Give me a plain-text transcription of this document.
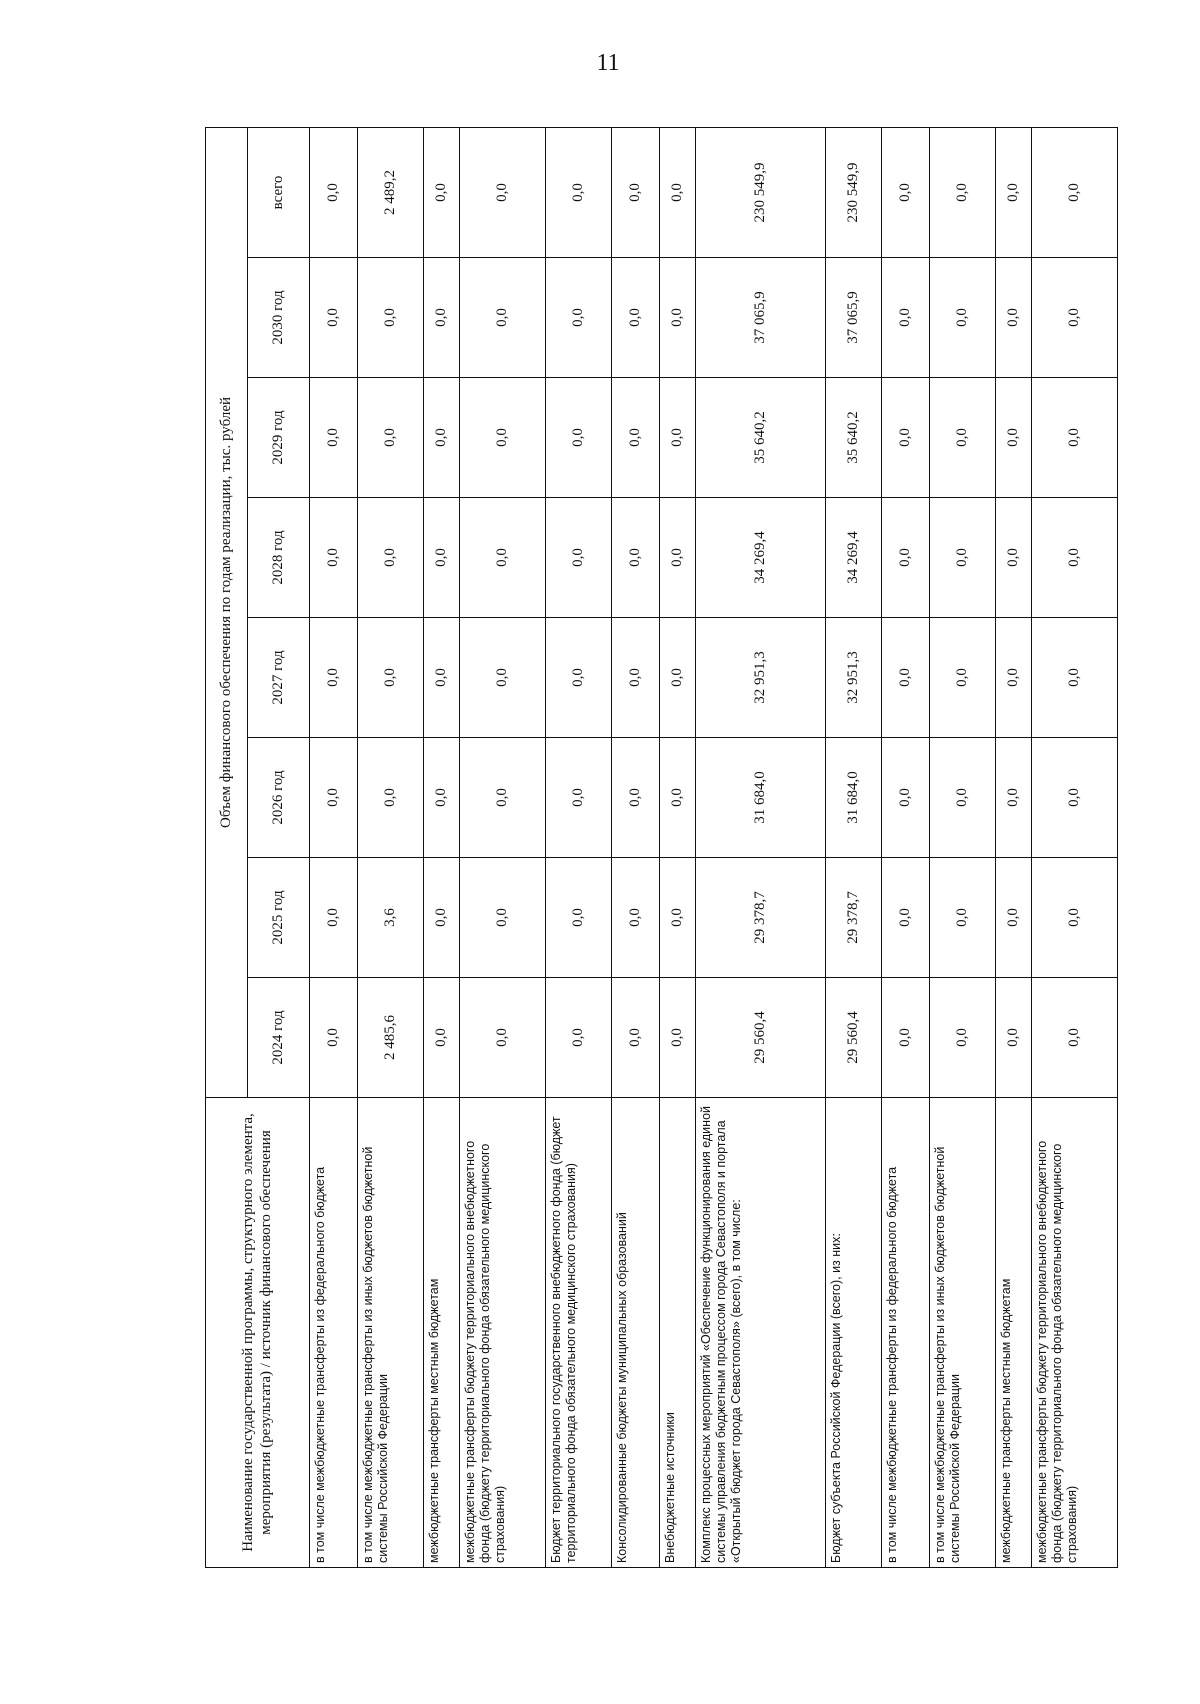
11
Наименование государственной программы, структурного элемента, мероприятия (результата) / источник финансового обеспечения	Объем финансового обеспечения по годам реализации, тыс. рублей							
	2024 год	2025 год	2026 год	2027 год	2028 год	2029 год	2030 год	всего
в том числе межбюджетные трансферты из федерального бюджета	0,0	0,0	0,0	0,0	0,0	0,0	0,0	0,0
в том числе межбюджетные трансферты из иных бюджетов бюджетной системы Российской Федерации	2 485,6	3,6	0,0	0,0	0,0	0,0	0,0	2 489,2
межбюджетные трансферты местным бюджетам	0,0	0,0	0,0	0,0	0,0	0,0	0,0	0,0
межбюджетные трансферты бюджету территориального внебюджетного фонда (бюджету территориального фонда обязательного медицинского страхования)	0,0	0,0	0,0	0,0	0,0	0,0	0,0	0,0
Бюджет территориального государственного внебюджетного фонда (бюджет территориального фонда обязательного медицинского страхования)	0,0	0,0	0,0	0,0	0,0	0,0	0,0	0,0
Консолидированные бюджеты муниципальных образований	0,0	0,0	0,0	0,0	0,0	0,0	0,0	0,0
Внебюджетные источники	0,0	0,0	0,0	0,0	0,0	0,0	0,0	0,0
Комплекс процессных мероприятий «Обеспечение функционирования единой системы управления бюджетным процессом города Севастополя и портала «Открытый бюджет города Севастополя» (всего), в том числе:	29 560,4	29 378,7	31 684,0	32 951,3	34 269,4	35 640,2	37 065,9	230 549,9
Бюджет субъекта Российской Федерации (всего), из них:	29 560,4	29 378,7	31 684,0	32 951,3	34 269,4	35 640,2	37 065,9	230 549,9
в том числе межбюджетные трансферты из федерального бюджета	0,0	0,0	0,0	0,0	0,0	0,0	0,0	0,0
в том числе межбюджетные трансферты из иных бюджетов бюджетной системы Российской Федерации	0,0	0,0	0,0	0,0	0,0	0,0	0,0	0,0
межбюджетные трансферты местным бюджетам	0,0	0,0	0,0	0,0	0,0	0,0	0,0	0,0
межбюджетные трансферты бюджету территориального внебюджетного фонда (бюджету территориального фонда обязательного медицинского страхования)	0,0	0,0	0,0	0,0	0,0	0,0	0,0	0,0
